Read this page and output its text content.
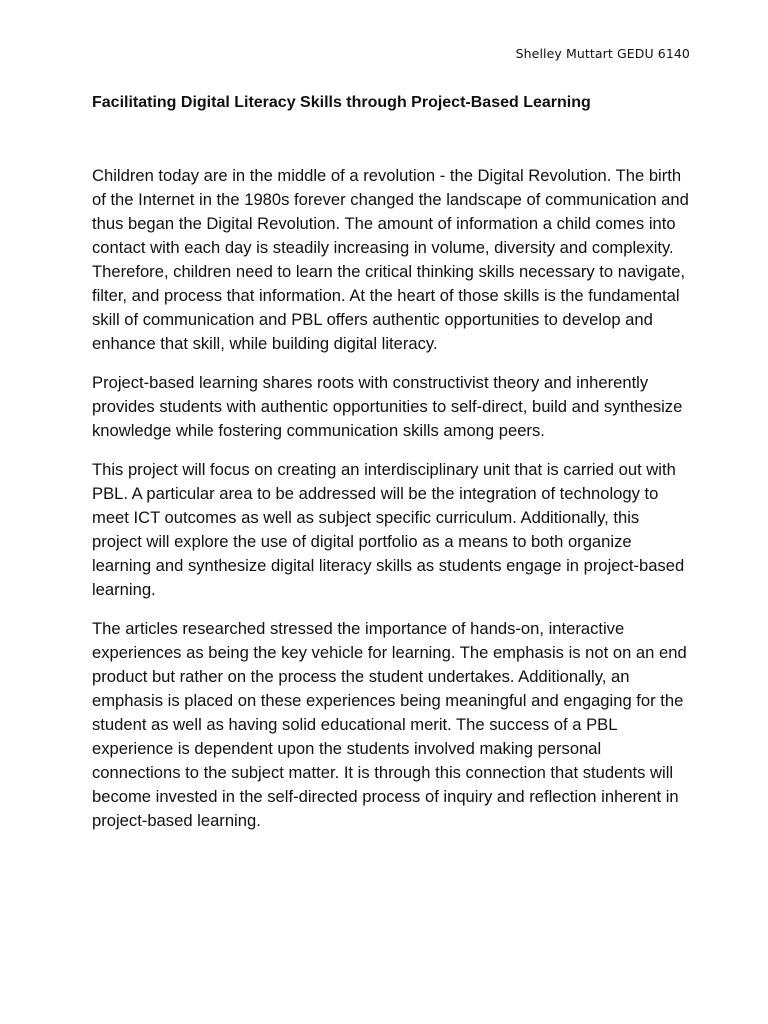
Shelley Muttart GEDU 6140
Facilitating Digital Literacy Skills through Project-Based Learning

Children today are in the middle of a revolution - the Digital Revolution. The birth of the Internet in the 1980s forever changed the landscape of communication and thus began the Digital Revolution. The amount of information a child comes into contact with each day is steadily increasing in volume, diversity and complexity. Therefore, children need to learn the critical thinking skills necessary to navigate, filter, and process that information. At the heart of those skills is the fundamental skill of communication and PBL offers authentic opportunities to develop and enhance that skill, while building digital literacy.

Project-based learning shares roots with constructivist theory and inherently provides students with authentic opportunities to self-direct, build and synthesize knowledge while fostering communication skills among peers.

This project will focus on creating an interdisciplinary unit that is carried out with PBL. A particular area to be addressed will be the integration of technology to meet ICT outcomes as well as subject specific curriculum. Additionally, this project will explore the use of digital portfolio as a means to both organize learning and synthesize digital literacy skills as students engage in project-based learning.

The articles researched stressed the importance of hands-on, interactive experiences as being the key vehicle for learning. The emphasis is not on an end product but rather on the process the student undertakes. Additionally, an emphasis is placed on these experiences being meaningful and engaging for the student as well as having solid educational merit. The success of a PBL experience is dependent upon the students involved making personal connections to the subject matter. It is through this connection that students will become invested in the self-directed process of inquiry and reflection inherent in project-based learning.
